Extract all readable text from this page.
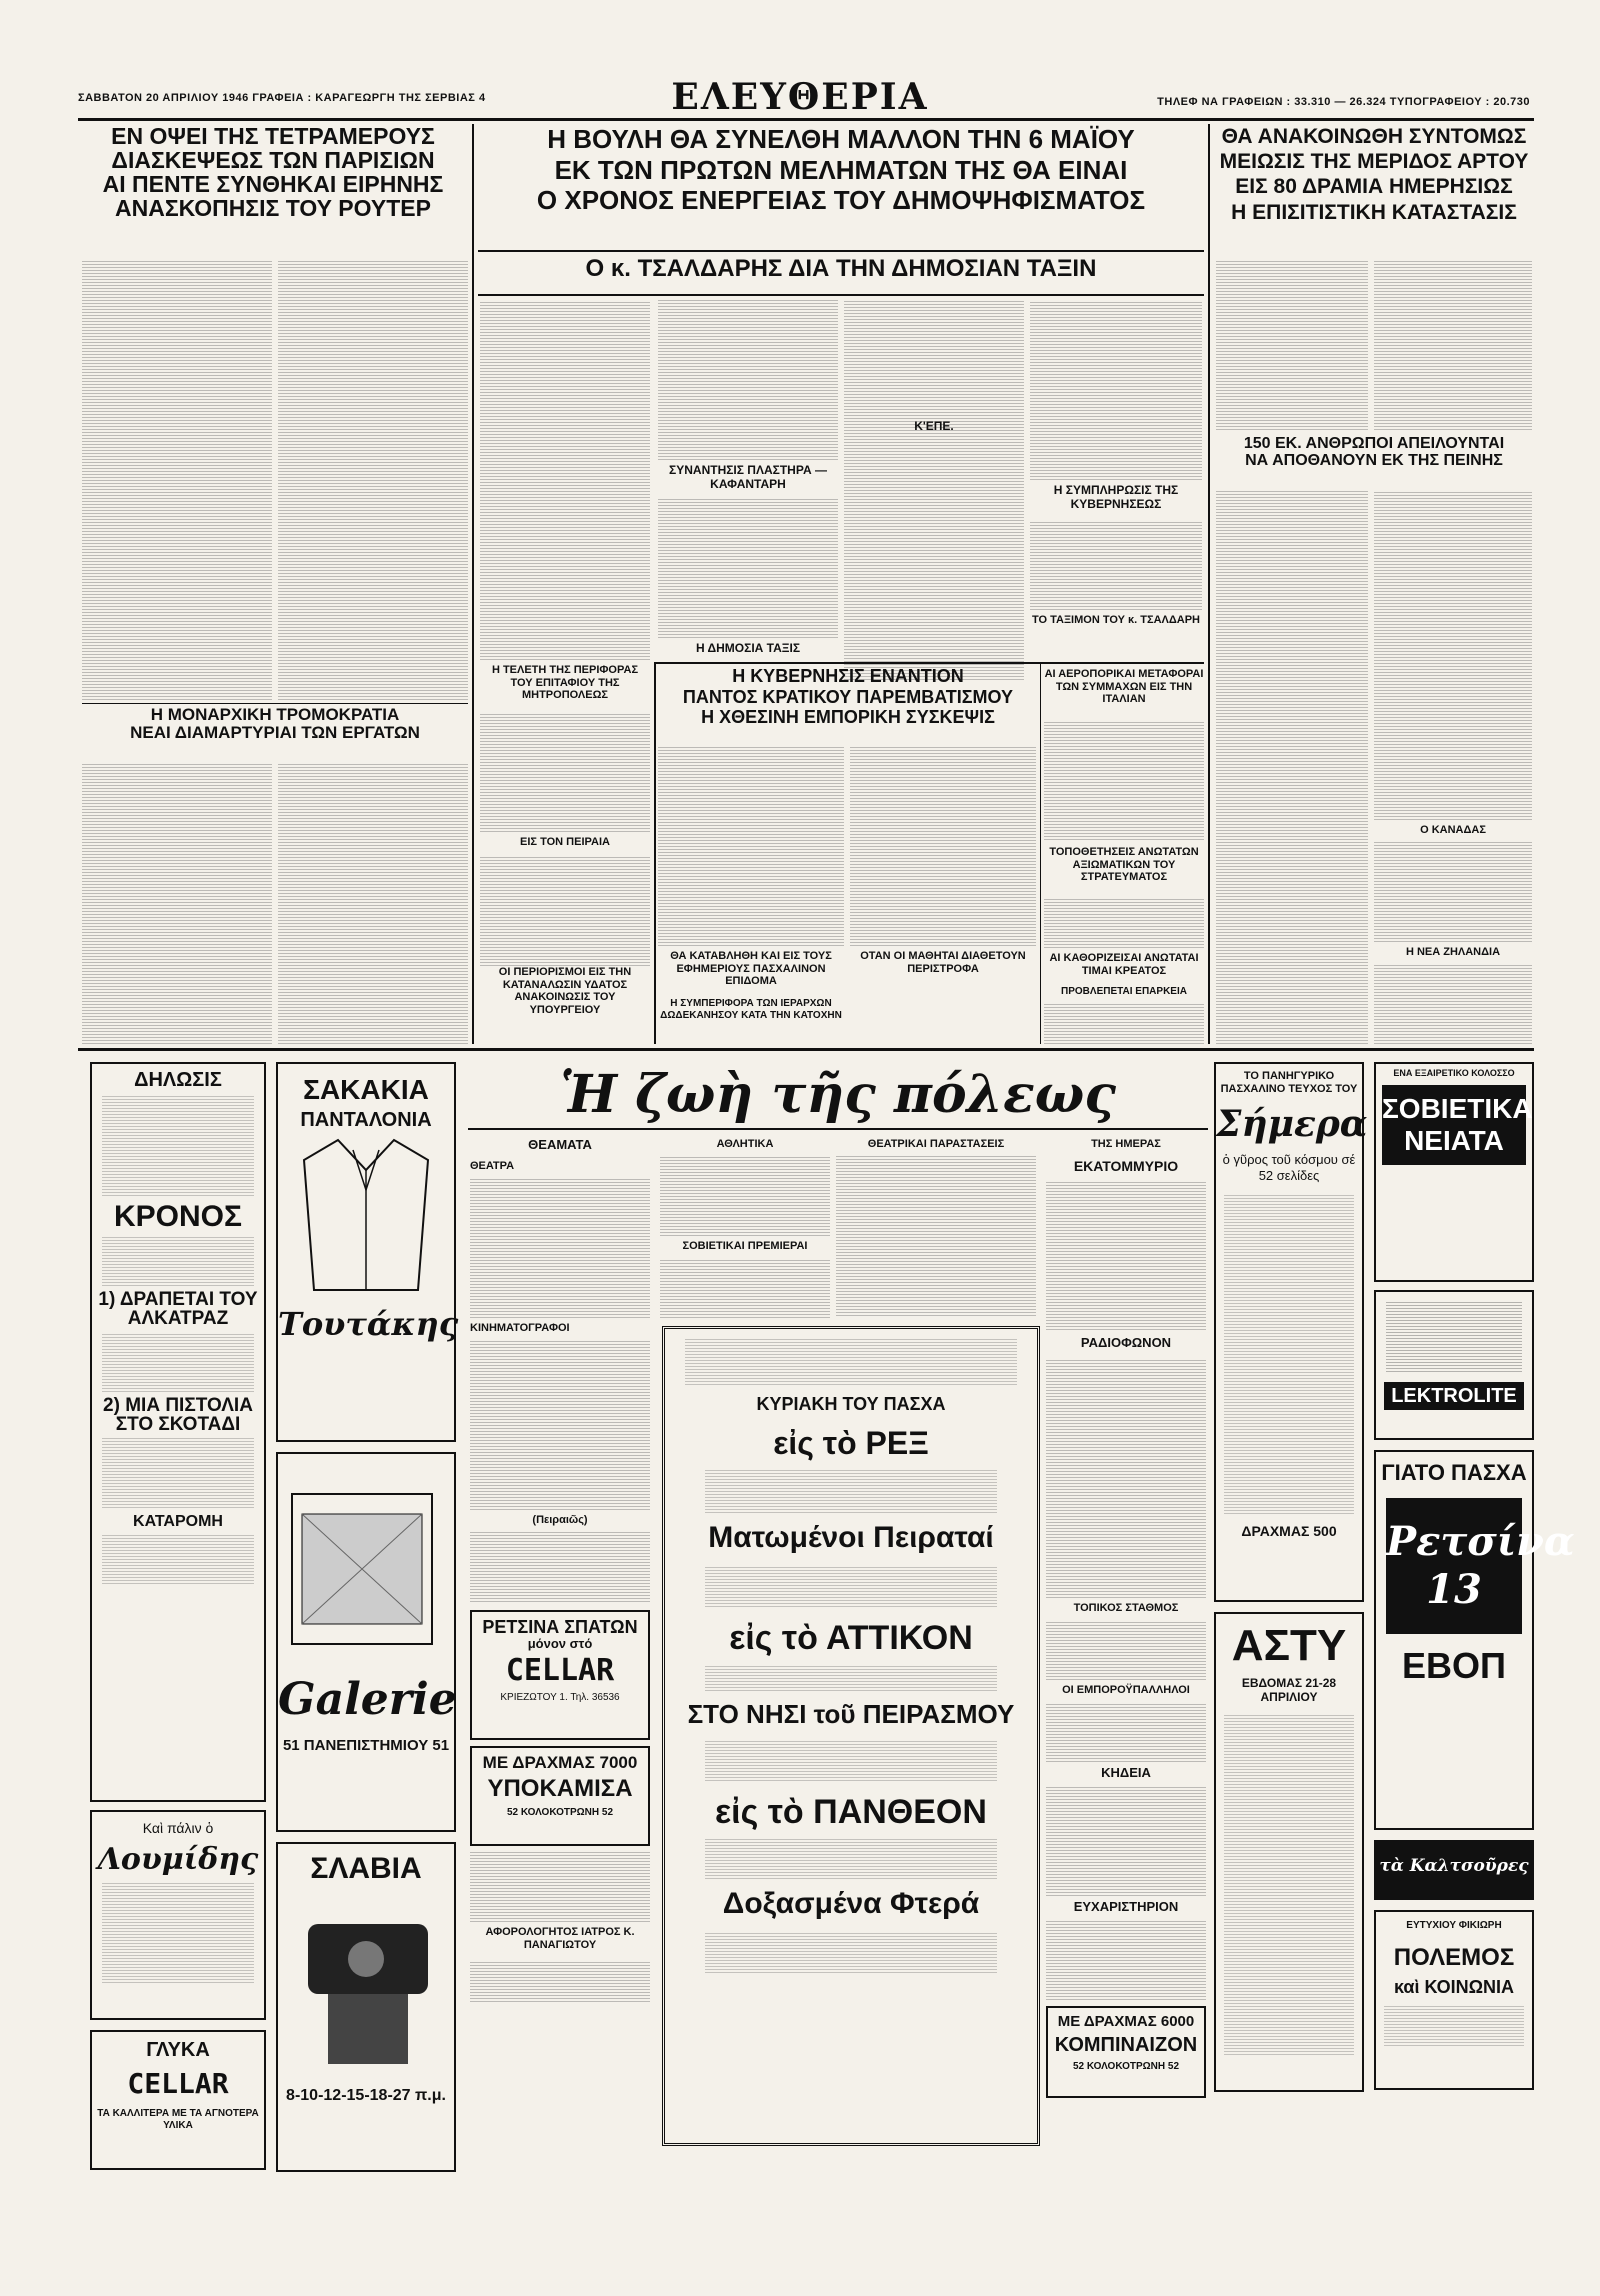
ΣΑΒΒΑΤΟΝ 20 ΑΠΡΙΛΙΟΥ 1946 ΓΡΑΦΕΙΑ : ΚΑΡΑΓΕΩΡΓΗ ΤΗΣ ΣΕΡΒΙΑΣ 4	ΕΛΕΥΘΕΡΙΑ	ΤΗΛΕΦ ΝΑ ΓΡΑΦΕΙΩΝ : 33.310 — 26.324 ΤΥΠΟΓΡΑΦΕΙΟΥ : 20.730
ΕΝ ΟΨΕΙ ΤΗΣ ΤΕΤΡΑΜΕΡΟΥΣ
ΔΙΑΣΚΕΨΕΩΣ ΤΩΝ ΠΑΡΙΣΙΩΝ
ΑΙ ΠΕΝΤΕ ΣΥΝΘΗΚΑΙ ΕΙΡΗΝΗΣ
ΑΝΑΣΚΟΠΗΣΙΣ ΤΟΥ ΡΟΥΤΕΡ
Η ΜΟΝΑΡΧΙΚΗ ΤΡΟΜΟΚΡΑΤΙΑ
ΝΕΑΙ ΔΙΑΜΑΡΤΥΡΙΑΙ ΤΩΝ ΕΡΓΑΤΩΝ
Η ΒΟΥΛΗ ΘΑ ΣΥΝΕΛΘΗ ΜΑΛΛΟΝ ΤΗΝ 6 ΜΑΪΟΥ
ΕΚ ΤΩΝ ΠΡΩΤΩΝ ΜΕΛΗΜΑΤΩΝ ΤΗΣ ΘΑ ΕΙΝΑΙ
Ο ΧΡΟΝΟΣ ΕΝΕΡΓΕΙΑΣ ΤΟΥ ΔΗΜΟΨΗΦΙΣΜΑΤΟΣ
Ο κ. ΤΣΑΛΔΑΡΗΣ ΔΙΑ ΤΗΝ ΔΗΜΟΣΙΑΝ ΤΑΞΙΝ
ΣΥΝΑΝΤΗΣΙΣ ΠΛΑΣΤΗΡΑ — ΚΑΦΑΝΤΑΡΗ
Η ΔΗΜΟΣΙΑ ΤΑΞΙΣ
Κ'ΕΠΕ.
Η ΣΥΜΠΛΗΡΩΣΙΣ ΤΗΣ ΚΥΒΕΡΝΗΣΕΩΣ
ΤΟ ΤΑΞΙΜΟΝ ΤΟΥ κ. ΤΣΑΛΔΑΡΗ
Η ΤΕΛΕΤΗ ΤΗΣ ΠΕΡΙΦΟΡΑΣ ΤΟΥ ΕΠΙΤΑΦΙΟΥ ΤΗΣ ΜΗΤΡΟΠΟΛΕΩΣ
ΕΙΣ ΤΟΝ ΠΕΙΡΑΙΑ
ΟΙ ΠΕΡΙΟΡΙΣΜΟΙ ΕΙΣ ΤΗΝ ΚΑΤΑΝΑΛΩΣΙΝ ΥΔΑΤΟΣ ΑΝΑΚΟΙΝΩΣΙΣ ΤΟΥ ΥΠΟΥΡΓΕΙΟΥ
Η ΚΥΒΕΡΝΗΣΙΣ ΕΝΑΝΤΙΟΝ
ΠΑΝΤΟΣ ΚΡΑΤΙΚΟΥ ΠΑΡΕΜΒΑΤΙΣΜΟΥ
Η ΧΘΕΣΙΝΗ ΕΜΠΟΡΙΚΗ ΣΥΣΚΕΨΙΣ
ΘΑ ΚΑΤΑΒΛΗΘΗ ΚΑΙ ΕΙΣ ΤΟΥΣ ΕΦΗΜΕΡΙΟΥΣ ΠΑΣΧΑΛΙΝΟΝ ΕΠΙΔΟΜΑ
ΟΤΑΝ ΟΙ ΜΑΘΗΤΑΙ ΔΙΑΘΕΤΟΥΝ ΠΕΡΙΣΤΡΟΦΑ
Η ΣΥΜΠΕΡΙΦΟΡΑ ΤΩΝ ΙΕΡΑΡΧΩΝ ΔΩΔΕΚΑΝΗΣΟΥ ΚΑΤΑ ΤΗΝ ΚΑΤΟΧΗΝ
ΑΙ ΑΕΡΟΠΟΡΙΚΑΙ ΜΕΤΑΦΟΡΑΙ ΤΩΝ ΣΥΜΜΑΧΩΝ ΕΙΣ ΤΗΝ ΙΤΑΛΙΑΝ
ΤΟΠΟΘΕΤΗΣΕΙΣ ΑΝΩΤΑΤΩΝ ΑΞΙΩΜΑΤΙΚΩΝ ΤΟΥ ΣΤΡΑΤΕΥΜΑΤΟΣ
ΑΙ ΚΑΘΟΡΙΖΕΙΣΑΙ ΑΝΩΤΑΤΑΙ ΤΙΜΑΙ ΚΡΕΑΤΟΣ
ΠΡΟΒΛΕΠΕΤΑΙ ΕΠΑΡΚΕΙΑ
ΘΑ ΑΝΑΚΟΙΝΩΘΗ ΣΥΝΤΟΜΩΣ
ΜΕΙΩΣΙΣ ΤΗΣ ΜΕΡΙΔΟΣ ΑΡΤΟΥ
ΕΙΣ 80 ΔΡΑΜΙΑ ΗΜΕΡΗΣΙΩΣ
Η ΕΠΙΣΙΤΙΣΤΙΚΗ ΚΑΤΑΣΤΑΣΙΣ
150 ΕΚ. ΑΝΘΡΩΠΟΙ ΑΠΕΙΛΟΥΝΤΑΙ
ΝΑ ΑΠΟΘΑΝΟΥΝ ΕΚ ΤΗΣ ΠΕΙΝΗΣ
Ο ΚΑΝΑΔΑΣ
Η ΝΕΑ ΖΗΛΑΝΔΙΑ
ΔΗΛΩΣΙΣ
ΚΡΟΝΟΣ
1) ΔΡΑΠΕΤΑΙ ΤΟΥ ΑΛΚΑΤΡΑΖ
2) ΜΙΑ ΠΙΣΤΟΛΙΑ ΣΤΟ ΣΚΟΤΑΔΙ
ΚΑΤΑΡΟΜΗ
Καὶ πάλιν ὁ
Λουμίδης
ΓΛΥΚΑ
CELLAR
ΤΑ ΚΑΛΛΙΤΕΡΑ ΜΕ ΤΑ ΑΓΝΟΤΕΡΑ ΥΛΙΚΑ
ΣΑΚΑΚΙΑ
ΠΑΝΤΑΛΟΝΙΑ
Τουτάκης
Galerie
51 ΠΑΝΕΠΙΣΤΗΜΙΟΥ 51
ΣΛΑΒΙΑ
8-10-12-15-18-27 π.μ.
Ἡ ζωὴ τῆς πόλεως
ΘΕΑΜΑΤΑ
ΘΕΑΤΡΑ
ΚΙΝΗΜΑΤΟΓΡΑΦΟΙ
(Πειραιῶς)
ΡΕΤΣΙΝΑ ΣΠΑΤΩΝ
μόνον στό
CELLAR
ΚΡΙΕΖΩΤΟΥ 1. Τηλ. 36536
ΜΕ ΔΡΑΧΜΑΣ 7000
ΥΠΟΚΑΜΙΣΑ
52 ΚΟΛΟΚΟΤΡΩΝΗ 52
ΑΦΟΡΟΛΟΓΗΤΟΣ ΙΑΤΡΟΣ Κ. ΠΑΝΑΓΙΩΤΟΥ
ΑΘΛΗΤΙΚΑ
ΣΟΒΙΕΤΙΚΑΙ ΠΡΕΜΙΕΡΑΙ
ΘΕΑΤΡΙΚΑΙ ΠΑΡΑΣΤΑΣΕΙΣ
ΚΥΡΙΑΚΗ ΤΟΥ ΠΑΣΧΑ
εἰς τὸ ΡΕΞ
Ματωμένοι Πειραταί
εἰς τὸ ΑΤΤΙΚΟΝ
ΣΤΟ ΝΗΣΙ τοῦ ΠΕΙΡΑΣΜΟΥ
εἰς τὸ ΠΑΝΘΕΟΝ
Δοξασμένα Φτερά
ΤΗΣ ΗΜΕΡΑΣ
ΕΚΑΤΟΜΜΥΡΙΟ
ΡΑΔΙΟΦΩΝΟΝ
ΤΟΠΙΚΟΣ ΣΤΑΘΜΟΣ
ΟΙ ΕΜΠΟΡΟΫΠΑΛΛΗΛΟΙ
ΚΗΔΕΙΑ
ΕΥΧΑΡΙΣΤΗΡΙΟΝ
ΜΕ ΔΡΑΧΜΑΣ 6000
ΚΟΜΠΙΝΑΙΖΟΝ
52 ΚΟΛΟΚΟΤΡΩΝΗ 52
ΤΟ ΠΑΝΗΓΥΡΙΚΟ ΠΑΣΧΑΛΙΝΟ ΤΕΥΧΟΣ ΤΟΥ
Σήμερα
ὁ γῦρος τοῦ κόσμου σέ 52 σελίδες
ΔΡΑΧΜΑΣ 500
ΑΣΤΥ
ΕΒΔΟΜΑΣ 21-28 ΑΠΡΙΛΙΟΥ
ΕΝΑ ΕΞΑΙΡΕΤΙΚΟ ΚΟΛΟΣΣΟ
ΣΟΒΙΕΤΙΚΑ ΝΕΙΑΤΑ
LEKTROLITE
ΓΙΑΤΟ ΠΑΣΧΑ
Ρετσίνα 13
ΕΒΟΠ
τὰ Καλτσοῦρες
ΕΥΤΥΧΙΟΥ ΦΙΚΙΩΡΗ
ΠΟΛΕΜΟΣ
καὶ ΚΟΙΝΩΝΙΑ
